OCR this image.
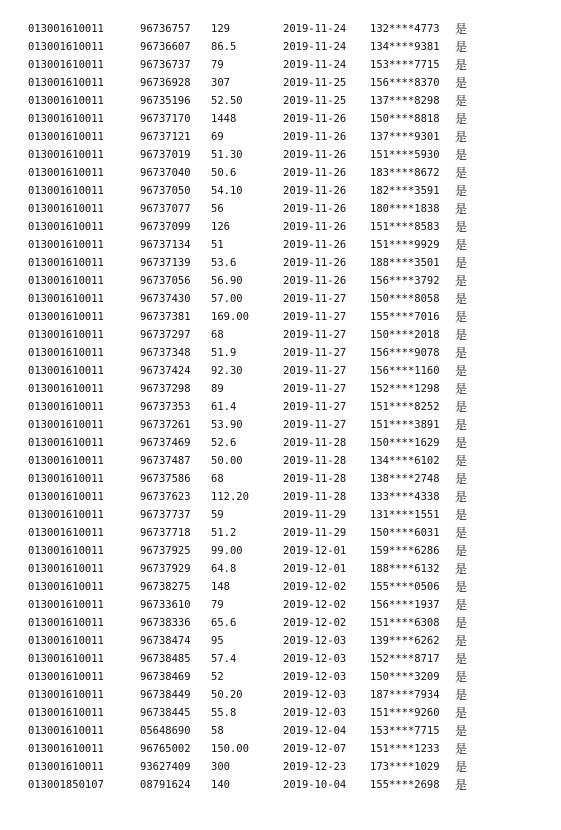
013001610011	96736757 129	2019-11-24 132****4773 是
013001610011	96736607 86.5	2019-11-24 134****9381 是
013001610011	96736737 79	2019-11-24 153****7715 是
013001610011	96736928 307	2019-11-25 156****8370 是
013001610011	96735196 52.50	2019-11-25 137****8298 是
013001610011	96737170 1448	2019-11-26 150****8818 是
013001610011	96737121 69	2019-11-26 137****9301 是
013001610011	96737019 51.30	2019-11-26 151****5930 是
013001610011	96737040 50.6	2019-11-26 183****8672 是
013001610011	96737050 54.10	2019-11-26 182****3591 是
013001610011	96737077 56	2019-11-26 180****1838 是
013001610011	96737099 126	2019-11-26 151****8583 是
013001610011	96737134 51	2019-11-26 151****9929 是
013001610011	96737139 53.6	2019-11-26 188****3501 是
013001610011	96737056 56.90	2019-11-26 156****3792 是
013001610011	96737430 57.00	2019-11-27 150****8058 是
013001610011	96737381 169.00	2019-11-27 155****7016 是
013001610011	96737297 68	2019-11-27 150****2018 是
013001610011	96737348 51.9	2019-11-27 156****9078 是
013001610011	96737424 92.30	2019-11-27 156****1160 是
013001610011	96737298 89	2019-11-27 152****1298 是
013001610011	96737353 61.4	2019-11-27 151****8252 是
013001610011	96737261 53.90	2019-11-27 151****3891 是
013001610011	96737469 52.6	2019-11-28 150****1629 是
013001610011	96737487 50.00	2019-11-28 134****6102 是
013001610011	96737586 68	2019-11-28 138****2748 是
013001610011	96737623 112.20	2019-11-28 133****4338 是
013001610011	96737737 59	2019-11-29 131****1551 是
013001610011	96737718 51.2	2019-11-29 150****6031 是
013001610011	96737925 99.00	2019-12-01 159****6286 是
013001610011	96737929 64.8	2019-12-01 188****6132 是
013001610011	96738275 148	2019-12-02 155****0506 是
013001610011	96733610 79	2019-12-02 156****1937 是
013001610011	96738336 65.6	2019-12-02 151****6308 是
013001610011	96738474 95	2019-12-03 139****6262 是
013001610011	96738485 57.4	2019-12-03 152****8717 是
013001610011	96738469 52	2019-12-03 150****3209 是
013001610011	96738449 50.20	2019-12-03 187****7934 是
013001610011	96738445 55.8	2019-12-03 151****9260 是
013001610011	05648690 58	2019-12-04 153****7715 是
013001610011	96765002 150.00	2019-12-07 151****1233 是
013001610011	93627409 300	2019-12-23 173****1029 是
013001850107	08791624 140	2019-10-04 155****2698 是
